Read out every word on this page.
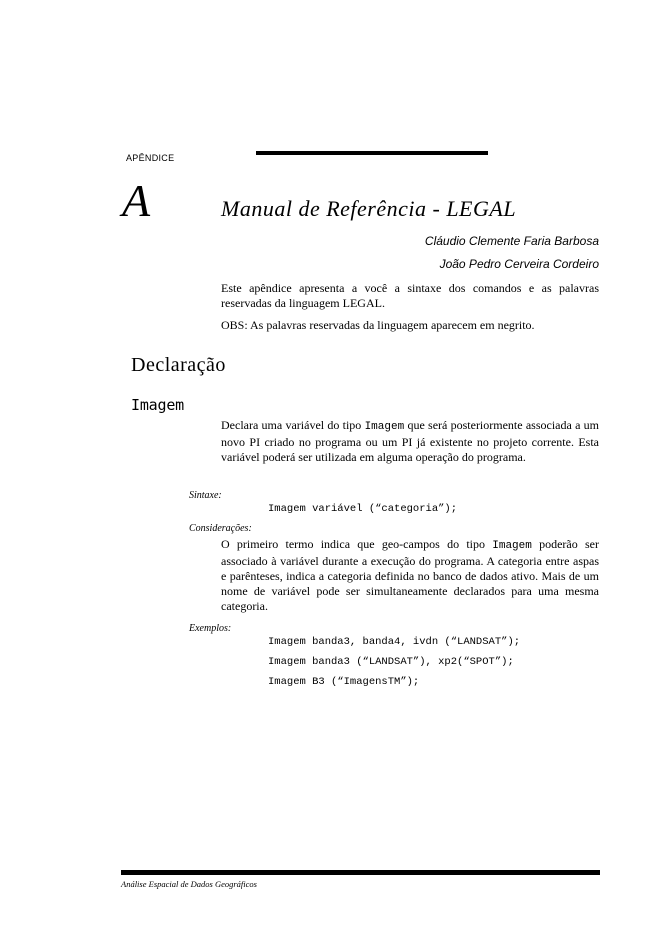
APÊNDICE
A	Manual de Referência - LEGAL
Cláudio Clemente Faria Barbosa
João Pedro Cerveira Cordeiro
Este apêndice apresenta a você a sintaxe dos comandos e as palavras reservadas da linguagem LEGAL.
OBS: As palavras reservadas da linguagem aparecem em negrito.
Declaração
Imagem
Declara uma variável do tipo Imagem que será posteriormente associada a um novo PI criado no programa ou um PI já existente no projeto corrente. Esta variável poderá ser utilizada em alguma operação do programa.
Sintaxe:
Imagem variável (“categoria”);
Considerações:
O primeiro termo indica que geo-campos do tipo Imagem poderão ser associado à variável durante a execução do programa. A categoria entre aspas e parênteses, indica a categoria definida no banco de dados ativo. Mais de um nome de variável pode ser simultaneamente declarados para uma mesma categoria.
Exemplos:
Imagem banda3, banda4, ivdn (“LANDSAT”);
Imagem banda3 (“LANDSAT”), xp2(“SPOT”);
Imagem B3 (“ImagensTM”);
Análise Espacial de Dados Geográficos
